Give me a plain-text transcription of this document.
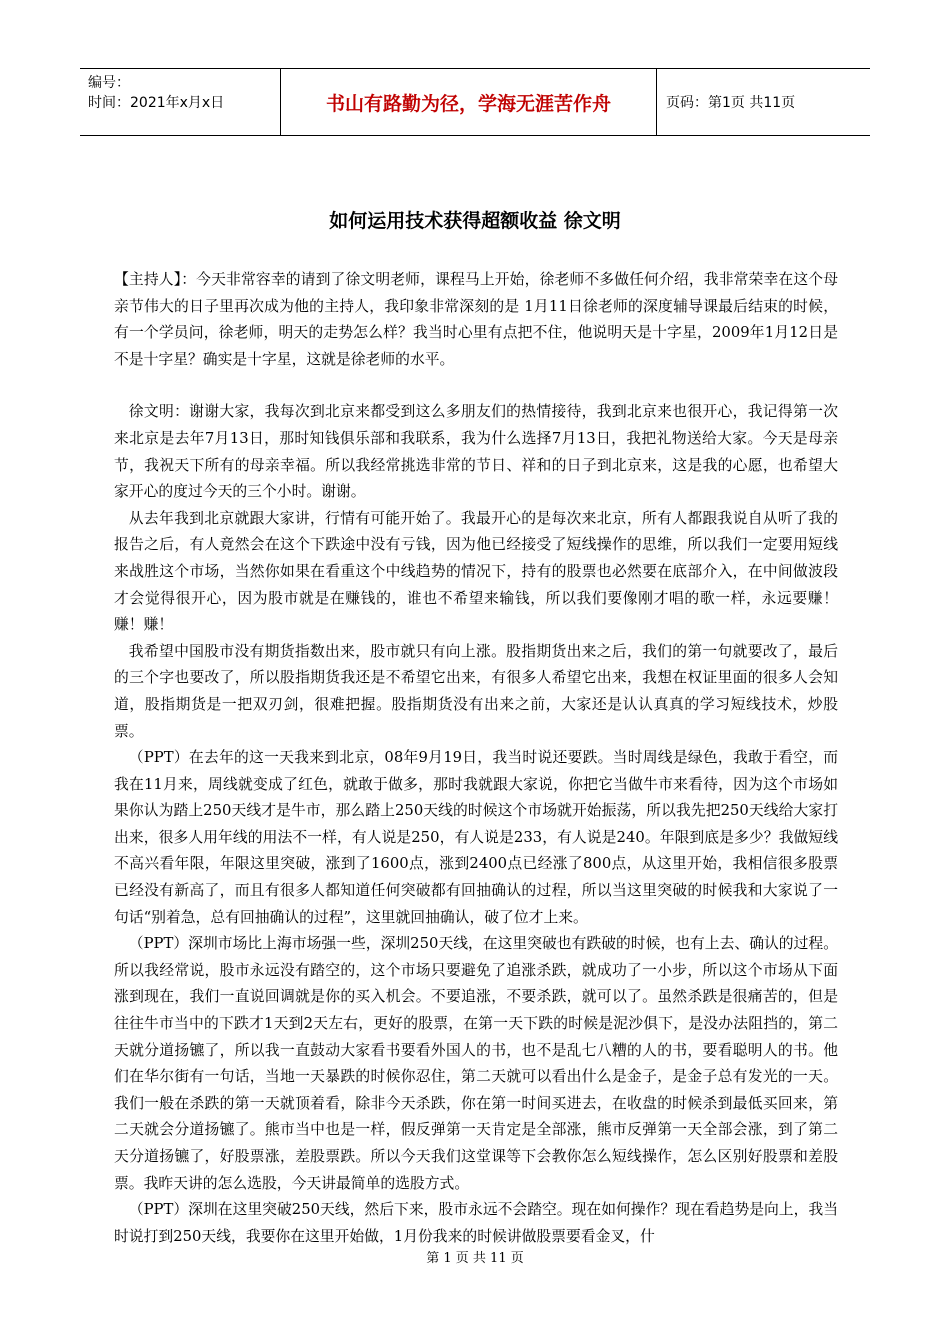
编号：
时间：2021年x月x日	书山有路勤为径，学海无涯苦作舟	页码：第1页 共11页
如何运用技术获得超额收益 徐文明

【主持人】：今天非常容幸的请到了徐文明老师，课程马上开始，徐老师不多做任何介绍，我非常荣幸在这个母亲节伟大的日子里再次成为他的主持人，我印象非常深刻的是 1月11日徐老师的深度辅导课最后结束的时候，有一个学员问，徐老师，明天的走势怎么样？我当时心里有点把不住，他说明天是十字星，2009年1月12日是不是十字星？确实是十字星，这就是徐老师的水平。

徐文明：谢谢大家，我每次到北京来都受到这么多朋友们的热情接待，我到北京来也很开心，我记得第一次来北京是去年7月13日，那时知钱俱乐部和我联系，我为什么选择7月13日，我把礼物送给大家。今天是母亲节，我祝天下所有的母亲幸福。所以我经常挑选非常的节日、祥和的日子到北京来，这是我的心愿，也希望大家开心的度过今天的三个小时。谢谢。

从去年我到北京就跟大家讲，行情有可能开始了。我最开心的是每次来北京，所有人都跟我说自从听了我的报告之后，有人竟然会在这个下跌途中没有亏钱，因为他已经接受了短线操作的思维，所以我们一定要用短线来战胜这个市场，当然你如果在看重这个中线趋势的情况下，持有的股票也必然要在底部介入，在中间做波段才会觉得很开心，因为股市就是在赚钱的，谁也不希望来输钱，所以我们要像刚才唱的歌一样，永远要赚！赚！赚！

我希望中国股市没有期货指数出来，股市就只有向上涨。股指期货出来之后，我们的第一句就要改了，最后的三个字也要改了，所以股指期货我还是不希望它出来，有很多人希望它出来，我想在权证里面的很多人会知道，股指期货是一把双刃剑，很难把握。股指期货没有出来之前，大家还是认认真真的学习短线技术，炒股票。

（PPT）在去年的这一天我来到北京，08年9月19日，我当时说还要跌。当时周线是绿色，我敢于看空，而我在11月来，周线就变成了红色，就敢于做多，那时我就跟大家说，你把它当做牛市来看待，因为这个市场如果你认为踏上250天线才是牛市，那么踏上250天线的时候这个市场就开始振荡，所以我先把250天线给大家打出来，很多人用年线的用法不一样，有人说是250，有人说是233，有人说是240。年限到底是多少？我做短线不高兴看年限，年限这里突破，涨到了1600点，涨到2400点已经涨了800点，从这里开始，我相信很多股票已经没有新高了，而且有很多人都知道任何突破都有回抽确认的过程，所以当这里突破的时候我和大家说了一句话“别着急，总有回抽确认的过程”，这里就回抽确认，破了位才上来。

（PPT）深圳市场比上海市场强一些，深圳250天线，在这里突破也有跌破的时候，也有上去、确认的过程。所以我经常说，股市永远没有踏空的，这个市场只要避免了追涨杀跌，就成功了一小步，所以这个市场从下面涨到现在，我们一直说回调就是你的买入机会。不要追涨，不要杀跌，就可以了。虽然杀跌是很痛苦的，但是往往牛市当中的下跌才1天到2天左右，更好的股票，在第一天下跌的时候是泥沙俱下，是没办法阻挡的，第二天就分道扬镳了，所以我一直鼓动大家看书要看外国人的书，也不是乱七八糟的人的书，要看聪明人的书。他们在华尔街有一句话，当地一天暴跌的时候你忍住，第二天就可以看出什么是金子，是金子总有发光的一天。我们一般在杀跌的第一天就顶着看，除非今天杀跌，你在第一时间买进去，在收盘的时候杀到最低买回来，第二天就会分道扬镳了。熊市当中也是一样，假反弹第一天肯定是全部涨，熊市反弹第一天全部会涨，到了第二天分道扬镳了，好股票涨，差股票跌。所以今天我们这堂课等下会教你怎么短线操作，怎么区别好股票和差股票。我昨天讲的怎么选股，今天讲最简单的选股方式。

（PPT）深圳在这里突破250天线，然后下来，股市永远不会踏空。现在如何操作？现在看趋势是向上，我当时说打到250天线，我要你在这里开始做，1月份我来的时候讲做股票要看金叉，什

第 1 页 共 11 页
